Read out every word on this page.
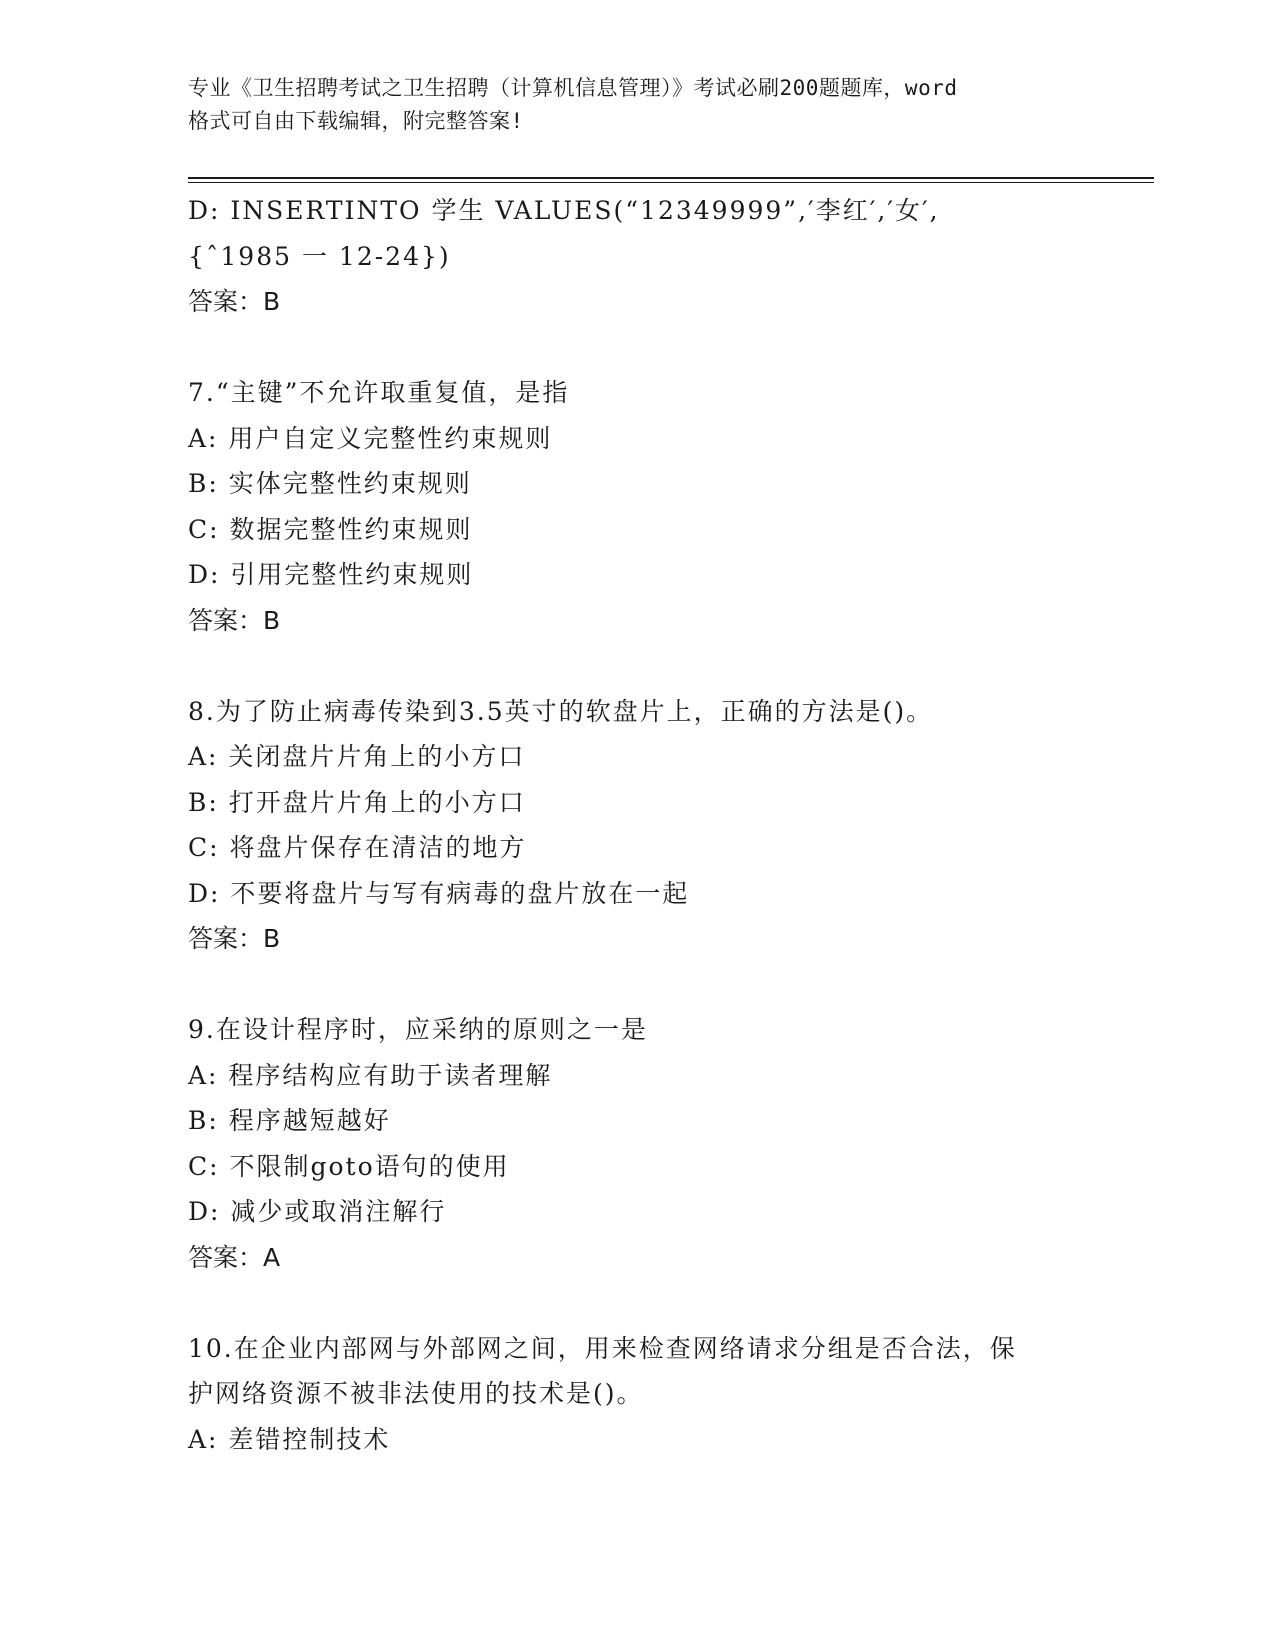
专业《卫生招聘考试之卫生招聘（计算机信息管理）》考试必刷200题题库，word
格式可自由下载编辑，附完整答案!
D: INSERTINTO 学生 VALUES(“12349999”,′李红′,′女′,
{ˆ1985 一 12-24})
答案：B
7.“主键”不允许取重复值，是指
A: 用户自定义完整性约束规则
B: 实体完整性约束规则
C: 数据完整性约束规则
D: 引用完整性约束规则
答案：B
8.为了防止病毒传染到3.5英寸的软盘片上，正确的方法是()。
A: 关闭盘片片角上的小方口
B: 打开盘片片角上的小方口
C: 将盘片保存在清洁的地方
D: 不要将盘片与写有病毒的盘片放在一起
答案：B
9.在设计程序时，应采纳的原则之一是
A: 程序结构应有助于读者理解
B: 程序越短越好
C: 不限制goto语句的使用
D: 减少或取消注解行
答案：A
10.在企业内部网与外部网之间，用来检查网络请求分组是否合法，保
护网络资源不被非法使用的技术是()。
A: 差错控制技术
